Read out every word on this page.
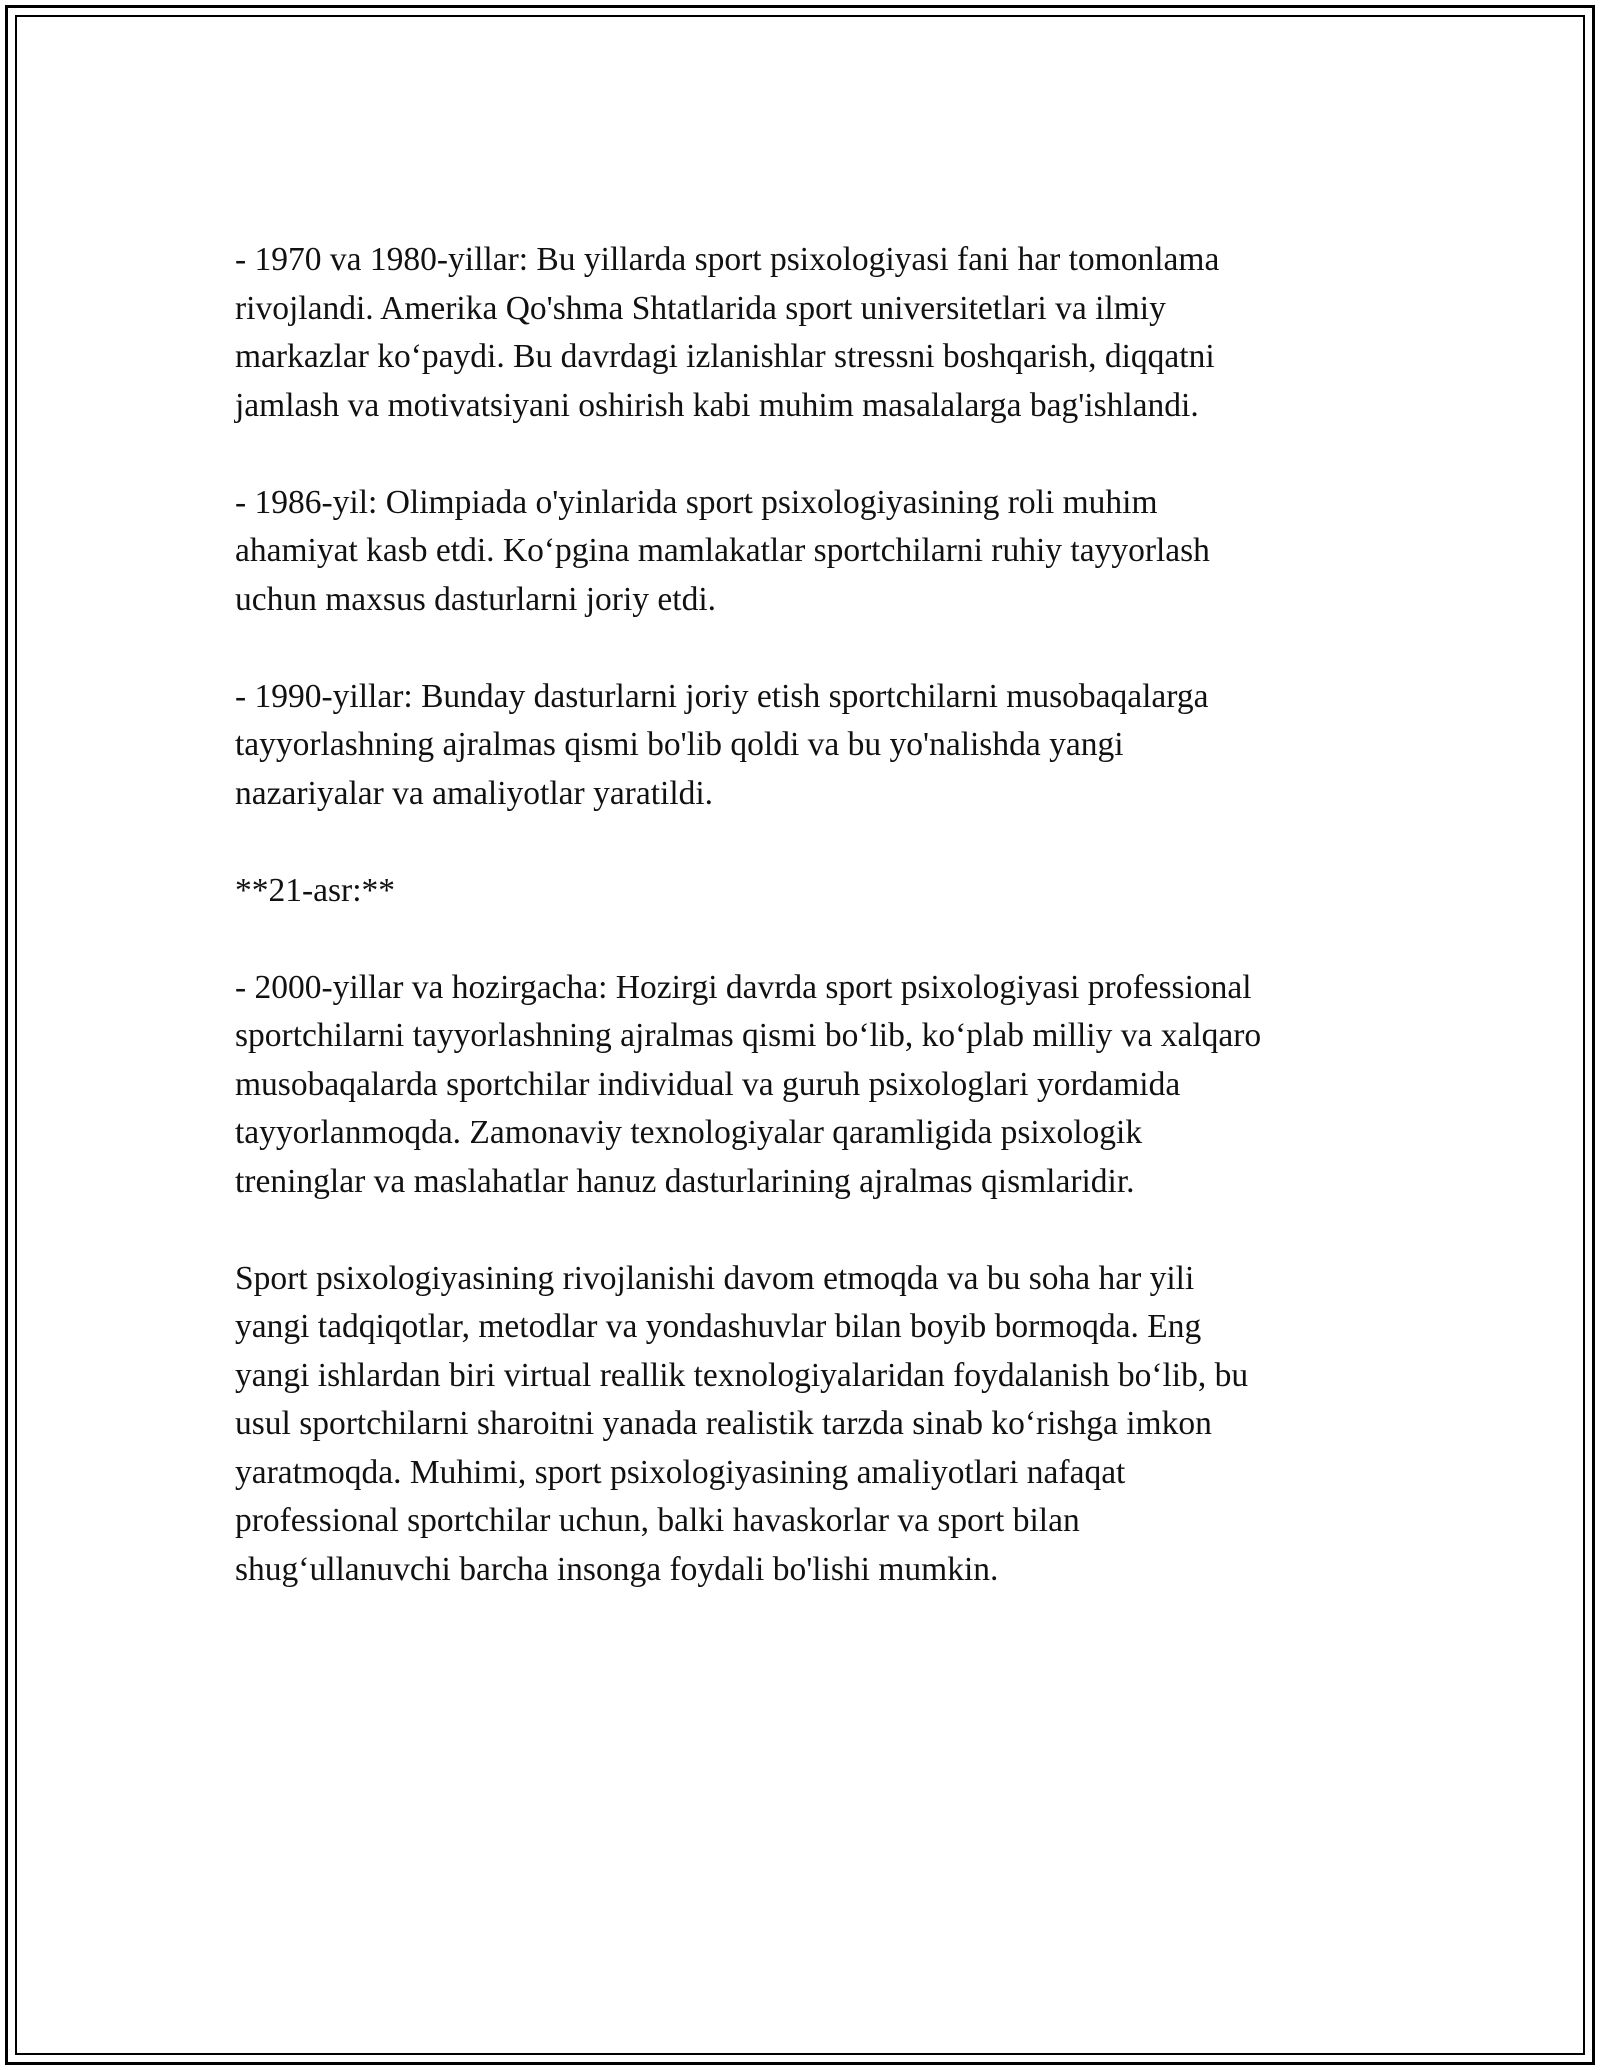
- 1970 va 1980-yillar: Bu yillarda sport psixologiyasi fani har tomonlama
rivojlandi. Amerika Qo'shma Shtatlarida sport universitetlari va ilmiy
markazlar ko‘paydi. Bu davrdagi izlanishlar stressni boshqarish, diqqatni
jamlash va motivatsiyani oshirish kabi muhim masalalarga bag'ishlandi.

- 1986-yil: Olimpiada o'yinlarida sport psixologiyasining roli muhim
ahamiyat kasb etdi. Ko‘pgina mamlakatlar sportchilarni ruhiy tayyorlash
uchun maxsus dasturlarni joriy etdi.

- 1990-yillar: Bunday dasturlarni joriy etish sportchilarni musobaqalarga
tayyorlashning ajralmas qismi bo'lib qoldi va bu yo'nalishda yangi
nazariyalar va amaliyotlar yaratildi.

**21-asr:**

- 2000-yillar va hozirgacha: Hozirgi davrda sport psixologiyasi professional
sportchilarni tayyorlashning ajralmas qismi bo‘lib, ko‘plab milliy va xalqaro
musobaqalarda sportchilar individual va guruh psixologlari yordamida
tayyorlanmoqda. Zamonaviy texnologiyalar qaramligida psixologik
treninglar va maslahatlar hanuz dasturlarining ajralmas qismlaridir.

Sport psixologiyasining rivojlanishi davom etmoqda va bu soha har yili
yangi tadqiqotlar, metodlar va yondashuvlar bilan boyib bormoqda. Eng
yangi ishlardan biri virtual reallik texnologiyalaridan foydalanish bo‘lib, bu
usul sportchilarni sharoitni yanada realistik tarzda sinab ko‘rishga imkon
yaratmoqda. Muhimi, sport psixologiyasining amaliyotlari nafaqat
professional sportchilar uchun, balki havaskorlar va sport bilan
shug‘ullanuvchi barcha insonga foydali bo'lishi mumkin.
